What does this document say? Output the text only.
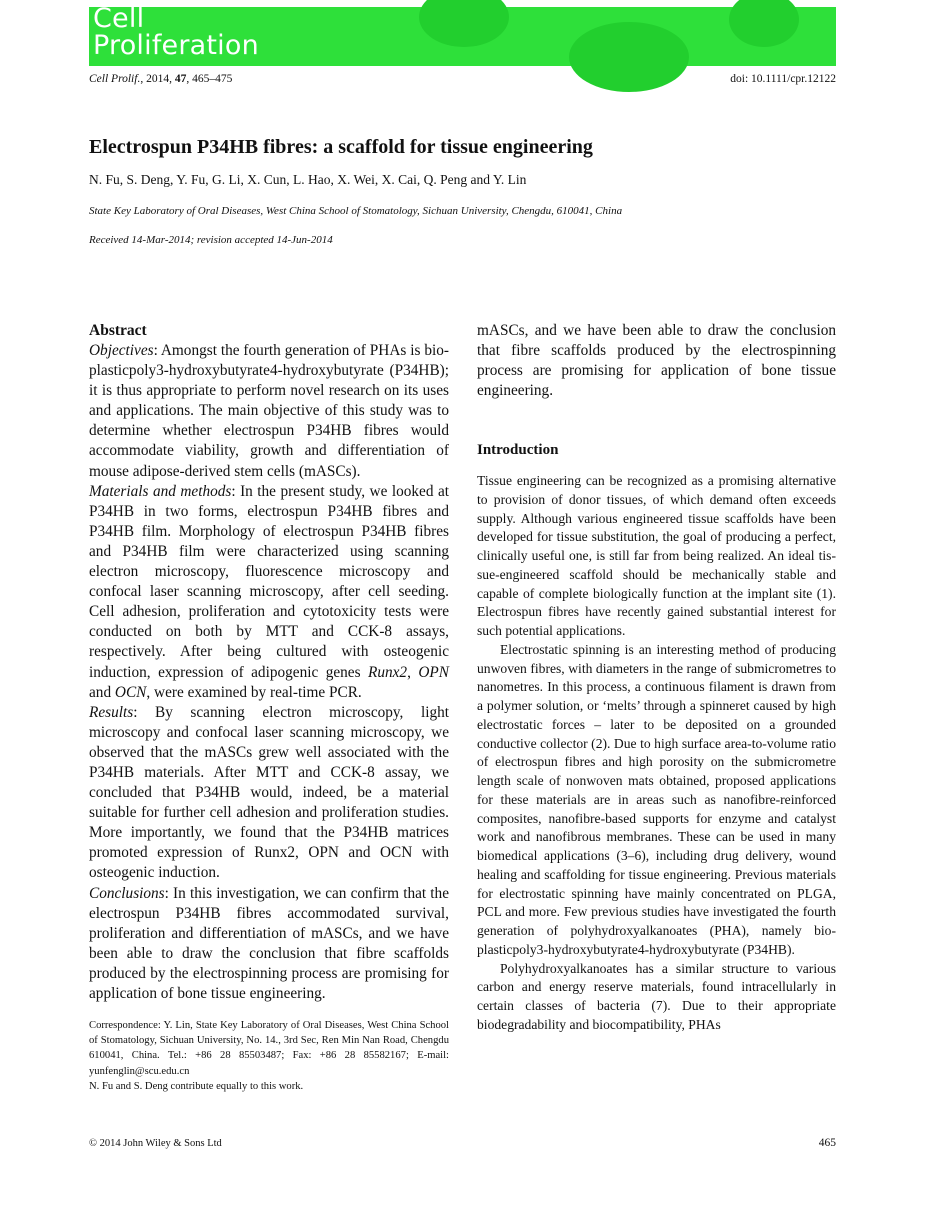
Cell
Proliferation
Cell Prolif., 2014, 47, 465–475	doi: 10.1111/cpr.12122
Electrospun P34HB fibres: a scaffold for tissue engineering
N. Fu, S. Deng, Y. Fu, G. Li, X. Cun, L. Hao, X. Wei, X. Cai, Q. Peng and Y. Lin
State Key Laboratory of Oral Diseases, West China School of Stomatology, Sichuan University, Chengdu, 610041, China
Received 14-Mar-2014; revision accepted 14-Jun-2014
Abstract

Objectives: Amongst the fourth generation of PHAs is bio-plasticpoly3-hydroxybutyrate4-hydroxybutyrate (P34HB); it is thus appropriate to perform novel research on its uses and applications. The main objective of this study was to determine whether electrospun P34HB fibres would accommodate viability, growth and differentiation of mouse adipose-derived stem cells (mASCs).

Materials and methods: In the present study, we looked at P34HB in two forms, electrospun P34HB fibres and P34HB film. Morphology of electrospun P34HB fibres and P34HB film were characterized using scanning electron microscopy, fluorescence microscopy and confocal laser scanning microscopy, after cell seeding. Cell adhesion, proliferation and cytotoxicity tests were conducted on both by MTT and CCK-8 assays, respectively. After being cultured with osteogenic induction, expression of adipogenic genes Runx2, OPN and OCN, were examined by real-time PCR.

Results: By scanning electron microscopy, light microscopy and confocal laser scanning microscopy, we observed that the mASCs grew well associated with the P34HB materials. After MTT and CCK-8 assay, we concluded that P34HB would, indeed, be a material suitable for further cell adhesion and proliferation studies. More importantly, we found that the P34HB matrices promoted expression of Runx2, OPN and OCN with osteogenic induction.

Conclusions: In this investigation, we can confirm that the electrospun P34HB fibres accommodated survival, proliferation and differentiation of mASCs, and we have been able to draw the conclusion that fibre scaffolds produced by the electrospinning process are promising for application of bone tissue engineering.

Correspondence: Y. Lin, State Key Laboratory of Oral Diseases, West China School of Stomatology, Sichuan University, No. 14., 3rd Sec, Ren Min Nan Road, Chengdu 610041, China. Tel.: +86 28 85503487; Fax: +86 28 85582167; E-mail: yunfenglin@scu.edu.cn

N. Fu and S. Deng contribute equally to this work.

mASCs, and we have been able to draw the conclusion that fibre scaffolds produced by the electrospinning process are promising for application of bone tissue engineering.

Introduction

Tissue engineering can be recognized as a promising alternative to provision of donor tissues, of which demand often exceeds supply. Although various engineered tissue scaffolds have been developed for tissue substitution, the goal of producing a perfect, clinically useful one, is still far from being realized. An ideal tissue-engineered scaffold should be mechanically stable and capable of complete biologically function at the implant site (1). Electrospun fibres have recently gained substantial interest for such potential applications.

Electrostatic spinning is an interesting method of producing unwoven fibres, with diameters in the range of submicrometres to nanometres. In this process, a continuous filament is drawn from a polymer solution, or ‘melts’ through a spinneret caused by high electrostatic forces – later to be deposited on a grounded conductive collector (2). Due to high surface area-to-volume ratio of electrospun fibres and high porosity on the submicrometre length scale of nonwoven mats obtained, proposed applications for these materials are in areas such as nanofibre-reinforced composites, nanofibre-based supports for enzyme and catalyst work and nanofibrous membranes. These can be used in many biomedical applications (3–6), including drug delivery, wound healing and scaffolding for tissue engineering. Previous materials for electrostatic spinning have mainly concentrated on PLGA, PCL and more. Few previous studies have investigated the fourth generation of polyhydroxyalkanoates (PHA), namely bio-plasticpoly3-hydroxybutyrate4-hydroxybutyrate (P34HB).

Polyhydroxyalkanoates has a similar structure to various carbon and energy reserve materials, found intracellularly in certain classes of bacteria (7). Due to their appropriate biodegradability and biocompatibility, PHAs

© 2014 John Wiley & Sons Ltd	465
